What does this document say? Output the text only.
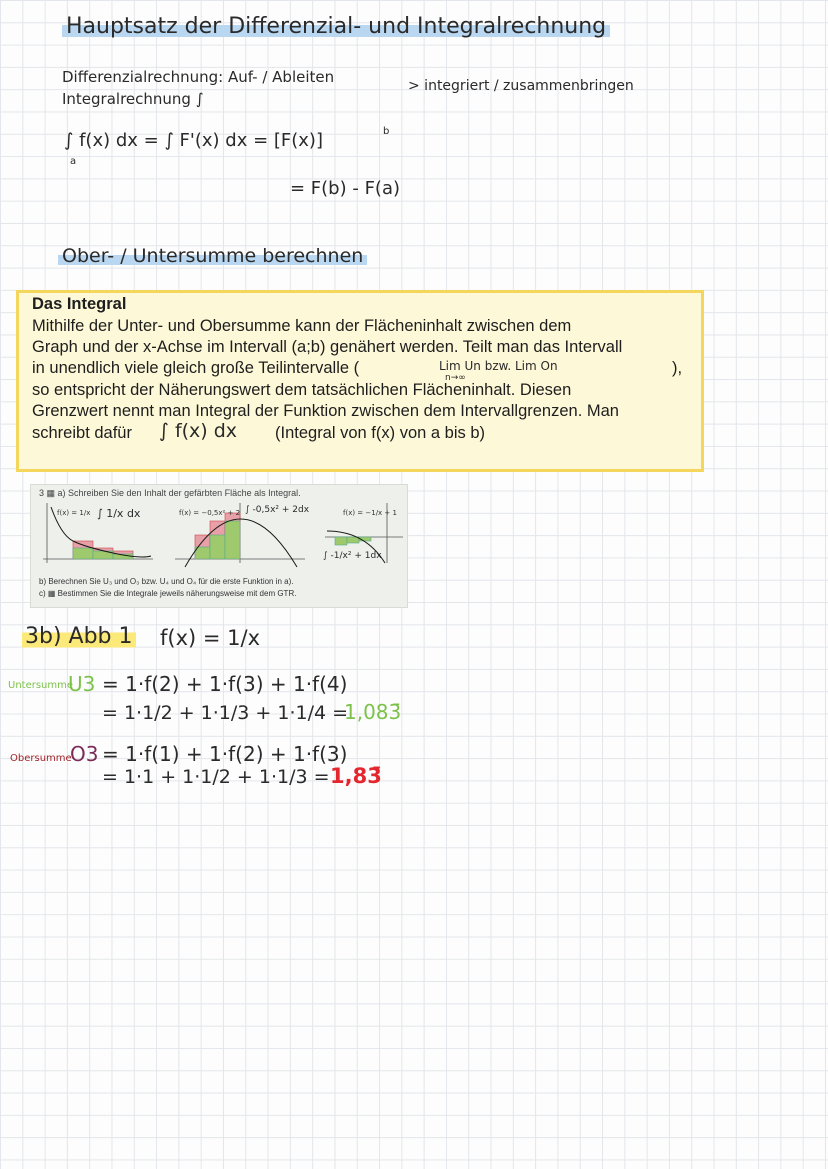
Hauptsatz der Differenzial- und Integralrechnung
Differenzialrechnung: Auf- / Ableiten
Integralrechnung ∫
> integriert / zusammenbringen
∫ f(x) dx = ∫ F'(x) dx = [F(x)]
a
b
= F(b) - F(a)
Ober- / Untersumme berechnen
Das Integral
Mithilfe der Unter- und Obersumme kann der Flächeninhalt zwischen dem
Graph und der x-Achse im Intervall (a;b) genähert werden. Teilt man das Intervall
in unendlich viele gleich große Teilintervalle (	Lim Un bzw. Lim On
n→∞
),
so entspricht der Näherungswert dem tatsächlichen Flächeninhalt. Diesen
Grenzwert nennt man Integral der Funktion zwischen dem Intervallgrenzen. Man
schreibt dafür ∫ f(x) dx (Integral von f(x) von a bis b)
3 ▦ a) Schreiben Sie den Inhalt der gefärbten Fläche als Integral.
f(x) = 1/x ∫ 1/x dx	f(x) = −0,5x² + 2 ∫ -0,5x² + 2dx	f(x) = −1/x + 1
∫ -1/x² + 1dx
b) Berechnen Sie U₃ und O₃ bzw. U₄ und O₄ für die erste Funktion in a).
c) ▦ Bestimmen Sie die Integrale jeweils näherungsweise mit dem GTR.
3b) Abb 1 f(x) = 1/x
Untersumme
U3 = 1·f(2) + 1·f(3) + 1·f(4)
= 1·1/2 + 1·1/3 + 1·1/4 =
1,083̄
Obersumme
O3 = 1·f(1) + 1·f(2) + 1·f(3)
= 1·1 + 1·1/2 + 1·1/3 = 1,83̄
